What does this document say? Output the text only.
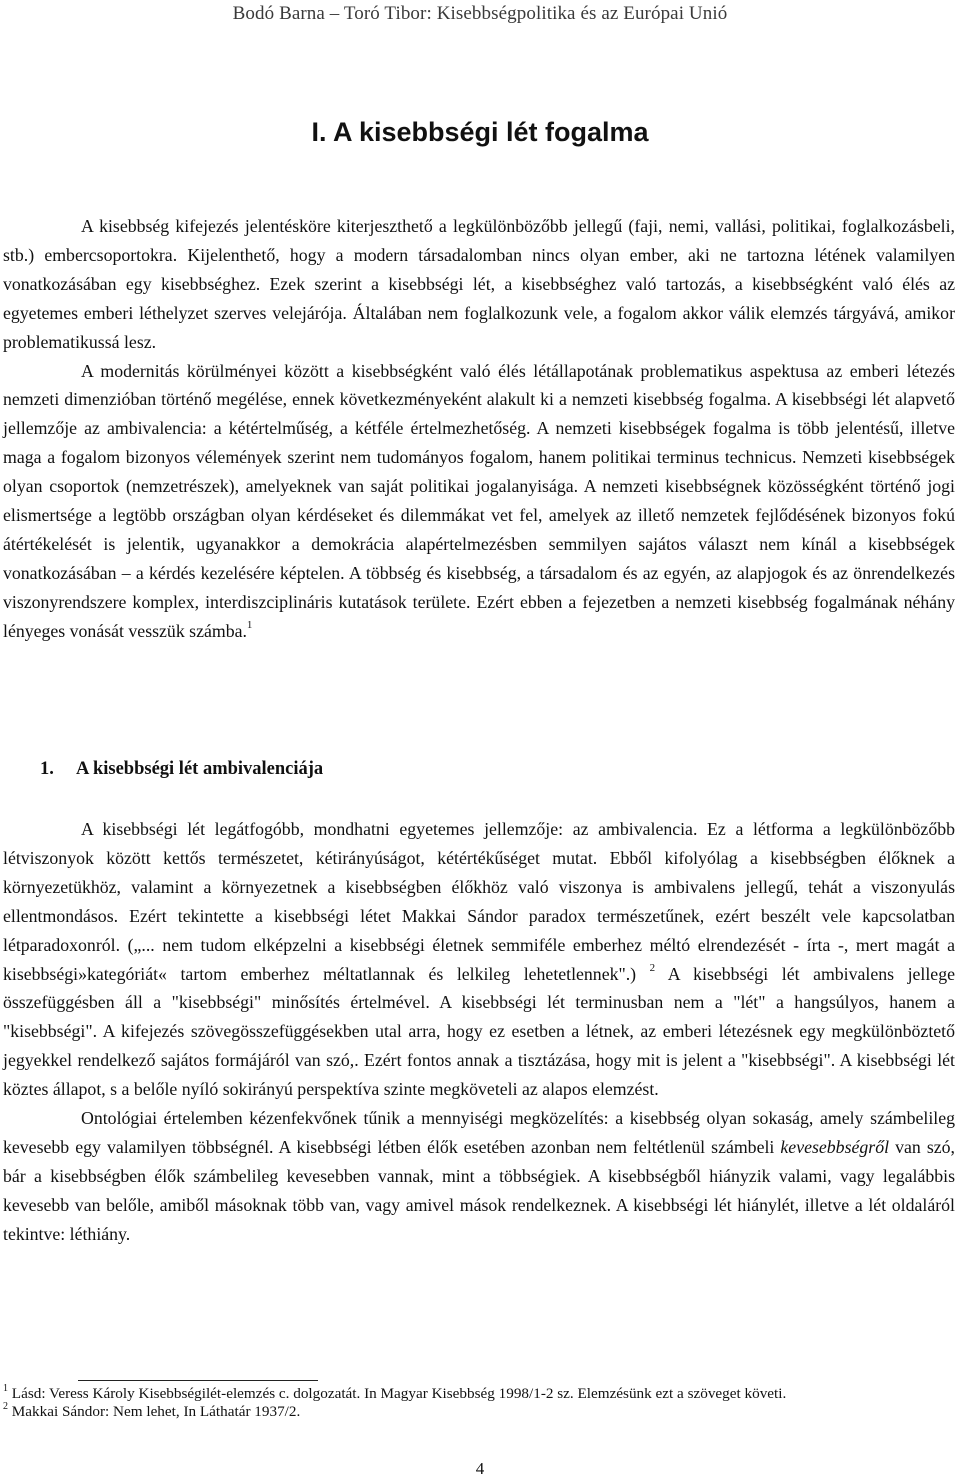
Bodó Barna – Toró Tibor: Kisebbségpolitika és az Európai Unió
I. A kisebbségi lét fogalma

A kisebbség kifejezés jelentésköre kiterjeszthető a legkülönbözőbb jellegű (faji, nemi, vallási, politikai, foglalkozásbeli, stb.) embercsoportokra. Kijelenthető, hogy a modern társadalomban nincs olyan ember, aki ne tartozna létének valamilyen vonatkozásában egy kisebbséghez. Ezek szerint a kisebbségi lét, a kisebbséghez való tartozás, a kisebbségként való élés az egyetemes emberi léthelyzet szerves velejárója. Általában nem foglalkozunk vele, a fogalom akkor válik elemzés tárgyává, amikor problematikussá lesz.

A modernitás körülményei között a kisebbségként való élés létállapotának problematikus aspektusa az emberi létezés nemzeti dimenzióban történő megélése, ennek következményeként alakult ki a nemzeti kisebbség fogalma. A kisebbségi lét alapvető jellemzője az ambivalencia: a kétértelműség, a kétféle értelmezhetőség. A nemzeti kisebbségek fogalma is több jelentésű, illetve maga a fogalom bizonyos vélemények szerint nem tudományos fogalom, hanem politikai terminus technicus. Nemzeti kisebbségek olyan csoportok (nemzetrészek), amelyeknek van saját politikai jogalanyisága. A nemzeti kisebbségnek közösségként történő jogi elismertsége a legtöbb országban olyan kérdéseket és dilemmákat vet fel, amelyek az illető nemzetek fejlődésének bizonyos fokú átértékelését is jelentik, ugyanakkor a demokrácia alapértelmezésben semmilyen sajátos választ nem kínál a kisebbségek vonatkozásában – a kérdés kezelésére képtelen. A többség és kisebbség, a társadalom és az egyén, az alapjogok és az önrendelkezés viszonyrendszere komplex, interdiszciplináris kutatások területe. Ezért ebben a fejezetben a nemzeti kisebbség fogalmának néhány lényeges vonását vesszük számba.$^1$

1. A kisebbségi lét ambivalenciája

A kisebbségi lét legátfogóbb, mondhatni egyetemes jellemzője: az ambivalencia. Ez a létforma a legkülönbözőbb létviszonyok között kettős természetet, kétirányúságot, kétértékűséget mutat. Ebből kifolyólag a kisebbségben élőknek a környezetükhöz, valamint a környezetnek a kisebbségben élőkhöz való viszonya is ambivalens jellegű, tehát a viszonyulás ellentmondásos. Ezért tekintette a kisebbségi létet Makkai Sándor paradox természetűnek, ezért beszélt vele kapcsolatban létparadoxonról. („... nem tudom elképzelni a kisebbségi életnek semmiféle emberhez méltó elrendezését - írta -, mert magát a kisebbségi»kategóriát« tartom emberhez méltatlannak és lelkileg lehetetlennek".) $^2$ A kisebbségi lét ambivalens jellege összefüggésben áll a "kisebbségi" minősítés értelmével. A kisebbségi lét terminusban nem a "lét" a hangsúlyos, hanem a "kisebbségi". A kifejezés szövegösszefüggésekben utal arra, hogy ez esetben a létnek, az emberi létezésnek egy megkülönböztető jegyekkel rendelkező sajátos formájáról van szó,. Ezért fontos annak a tisztázása, hogy mit is jelent a "kisebbségi". A kisebbségi lét köztes állapot, s a belőle nyíló sokirányú perspektíva szinte megköveteli az alapos elemzést.

Ontológiai értelemben kézenfekvőnek tűnik a mennyiségi megközelítés: a kisebbség olyan sokaság, amely számbelileg kevesebb egy valamilyen többségnél. A kisebbségi létben élők esetében azonban nem feltétlenül számbeli kevesebbségről van szó, bár a kisebbségben élők számbelileg kevesebben vannak, mint a többségiek. A kisebbségből hiányzik valami, vagy legalábbis kevesebb van belőle, amiből másoknak több van, vagy amivel mások rendelkeznek. A kisebbségi lét hiánylét, illetve a lét oldaláról tekintve: léthiány.

$^1$ Lásd: Veress Károly Kisebbségilét-elemzés c. dolgozatát. In Magyar Kisebbség 1998/1-2 sz. Elemzésünk ezt a szöveget követi.

$^2$ Makkai Sándor: Nem lehet, In Láthatár 1937/2.

4
